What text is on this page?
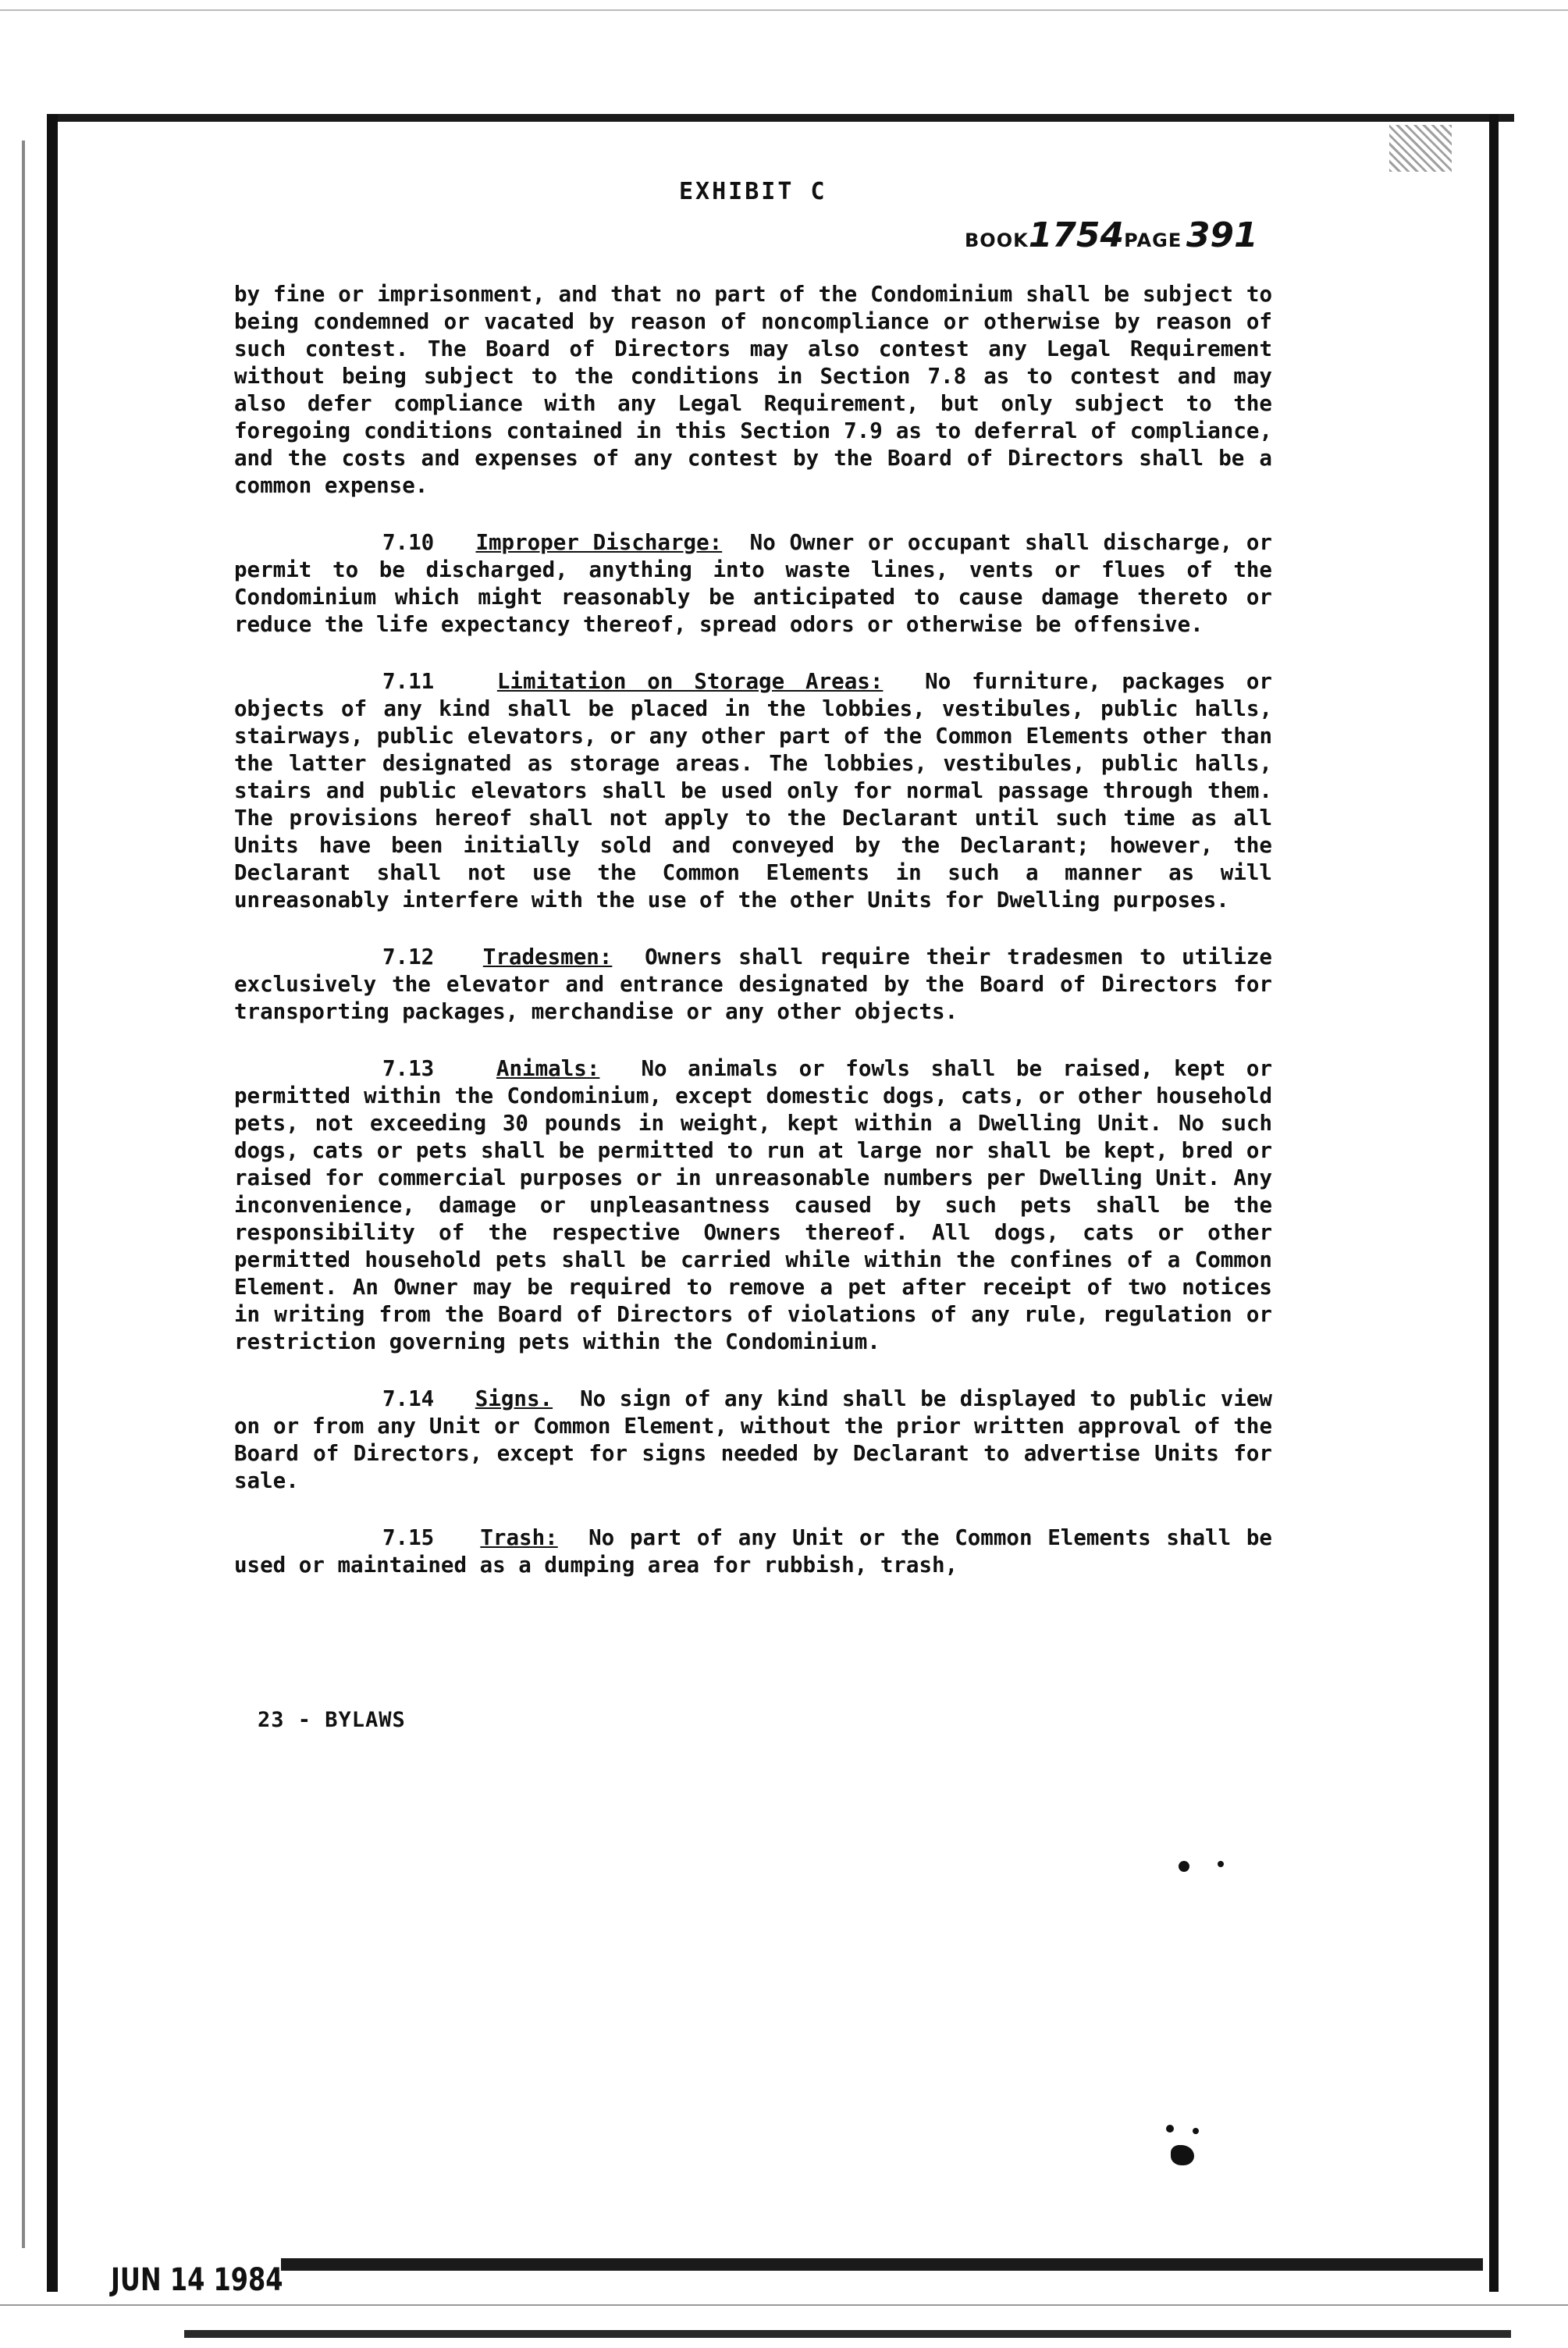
EXHIBIT C
BOOK1754PAGE 391

by fine or imprisonment, and that no part of the Condominium shall be subject to being condemned or vacated by reason of noncompliance or otherwise by reason of such contest. The Board of Directors may also contest any Legal Requirement without being subject to the conditions in Section 7.8 as to contest and may also defer compliance with any Legal Requirement, but only subject to the foregoing conditions contained in this Section 7.9 as to deferral of compliance, and the costs and expenses of any contest by the Board of Directors shall be a common expense.

7.10 Improper Discharge: No Owner or occupant shall discharge, or permit to be discharged, anything into waste lines, vents or flues of the Condominium which might reasonably be anticipated to cause damage thereto or reduce the life expectancy thereof, spread odors or otherwise be offensive.

7.11	Limitation on Storage Areas: No furniture, packages or objects of any kind shall be placed in the lobbies, vestibules, public halls, stairways, public elevators, or any other part of the Common Elements other than the latter designated as storage areas. The lobbies, vestibules, public halls, stairs and public elevators shall be used only for normal passage through them. The provisions hereof shall not apply to the Declarant until such time as all Units have been initially sold and conveyed by the Declarant; however, the Declarant shall not use the Common Elements in such a manner as will unreasonably interfere with the use of the other Units for Dwelling purposes.

7.12 Tradesmen: Owners shall require their tradesmen to utilize exclusively the elevator and entrance designated by the Board of Directors for transporting packages, merchandise or any other objects.

7.13	Animals: No animals or fowls shall be raised, kept or permitted within the Condominium, except domestic dogs, cats, or other household pets, not exceeding 30 pounds in weight, kept within a Dwelling Unit. No such dogs, cats or pets shall be permitted to run at large nor shall be kept, bred or raised for commercial purposes or in unreasonable numbers per Dwelling Unit. Any inconvenience, damage or unpleasantness caused by such pets shall be the responsibility of the respective Owners thereof. All dogs, cats or other permitted household pets shall be carried while within the confines of a Common Element. An Owner may be required to remove a pet after receipt of two notices in writing from the Board of Directors of violations of any rule, regulation or restriction governing pets within the Condominium.

7.14 Signs. No sign of any kind shall be displayed to public view on or from any Unit or Common Element, without the prior written approval of the Board of Directors, except for signs needed by Declarant to advertise Units for sale.

7.15 Trash: No part of any Unit or the Common Elements shall be used or maintained as a dumping area for rubbish, trash,

23 - BYLAWS
JUN 14 1984
